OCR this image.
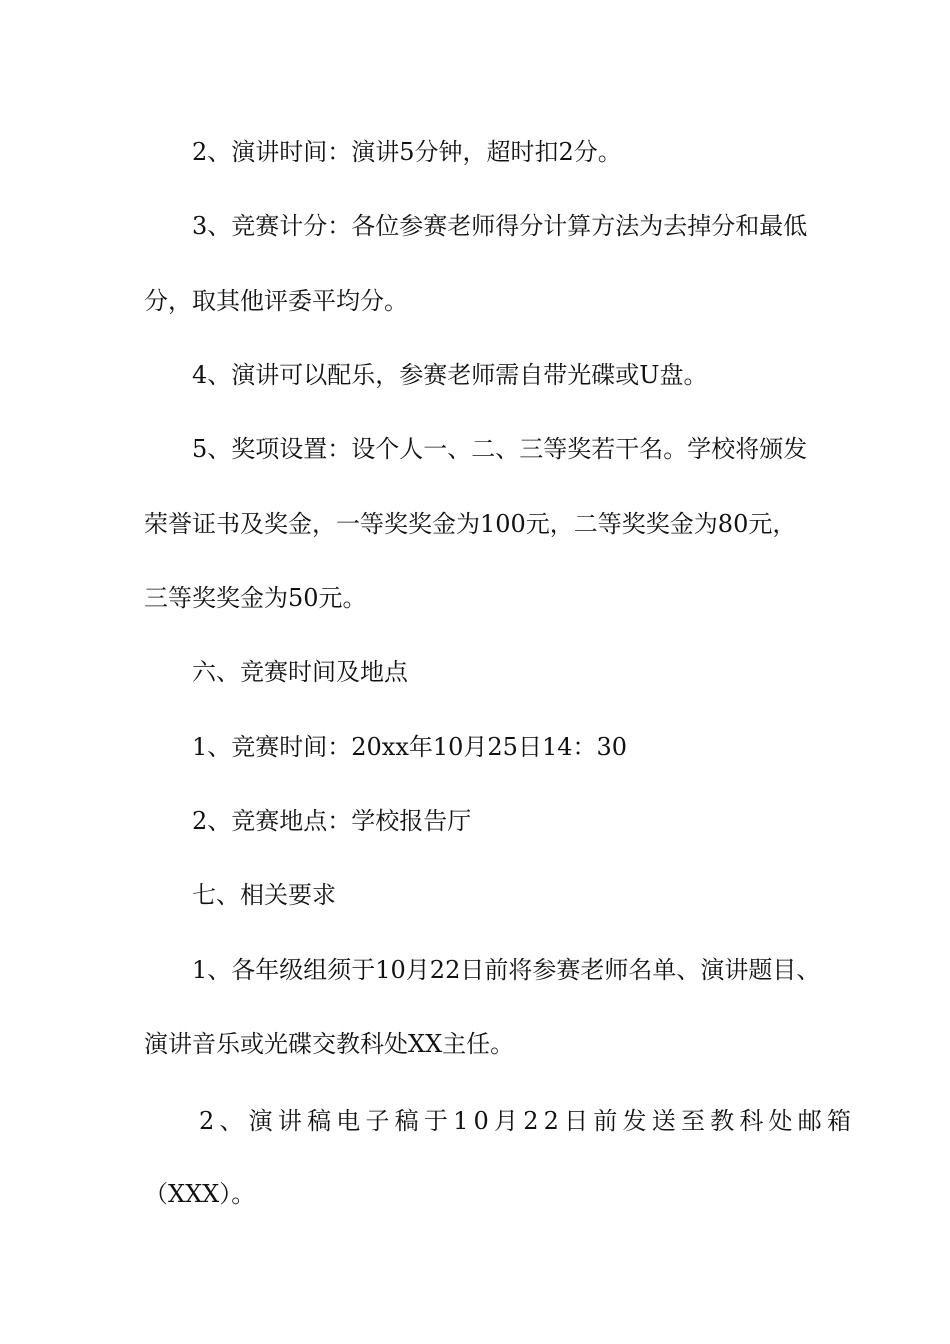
2、演讲时间：演讲5分钟，超时扣2分。
3、竞赛计分：各位参赛老师得分计算方法为去掉分和最低
分，取其他评委平均分。
4、演讲可以配乐，参赛老师需自带光碟或U盘。
5、奖项设置：设个人一、二、三等奖若干名。学校将颁发
荣誉证书及奖金，一等奖奖金为100元，二等奖奖金为80元，
三等奖奖金为50元。
六、竞赛时间及地点
1、竞赛时间：20xx年10月25日14：30
2、竞赛地点：学校报告厅
七、相关要求
1、各年级组须于10月22日前将参赛老师名单、演讲题目、
演讲音乐或光碟交教科处XX主任。
2、演讲稿电子稿于10月22日前发送至教科处邮箱
（XXX）。
